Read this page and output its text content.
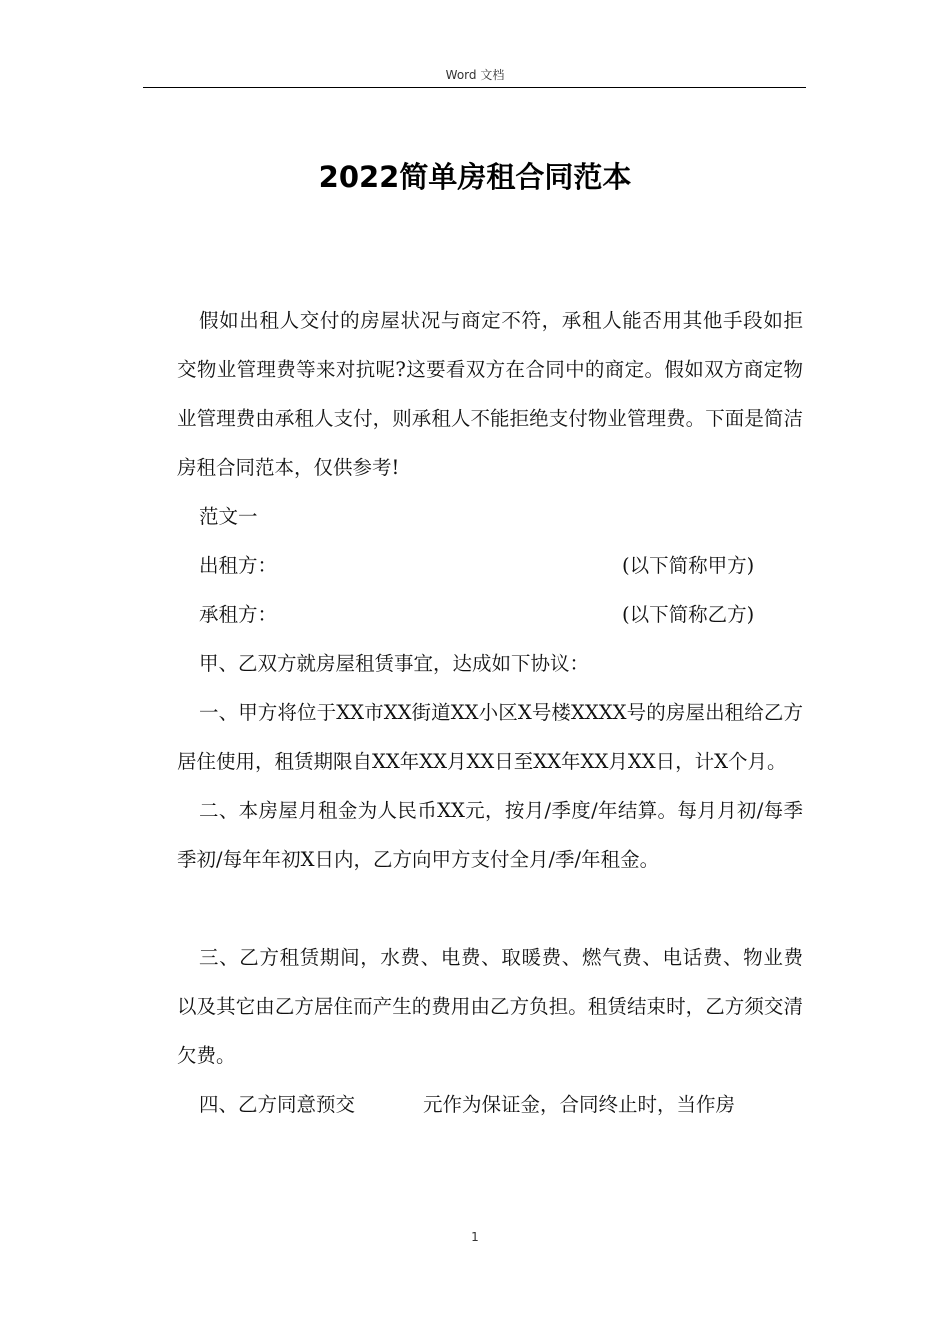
Word 文档
2022简单房租合同范本

假如出租人交付的房屋状况与商定不符，承租人能否用其他手段如拒交物业管理费等来对抗呢?这要看双方在合同中的商定。假如双方商定物业管理费由承租人支付，则承租人不能拒绝支付物业管理费。下面是简洁房租合同范本，仅供参考!

范文一

出租方：	(以下简称甲方)
承租方：	(以下简称乙方)

甲、乙双方就房屋租赁事宜，达成如下协议：

一、甲方将位于XX市XX街道XX小区X号楼XXXX号的房屋出租给乙方居住使用，租赁期限自XX年XX月XX日至XX年XX月XX日，计X个月。

二、本房屋月租金为人民币XX元，按月/季度/年结算。每月月初/每季季初/每年年初X日内，乙方向甲方支付全月/季/年租金。

三、乙方租赁期间，水费、电费、取暖费、燃气费、电话费、物业费以及其它由乙方居住而产生的费用由乙方负担。租赁结束时，乙方须交清欠费。

四、乙方同意预交	元作为保证金，合同终止时，当作房

1
